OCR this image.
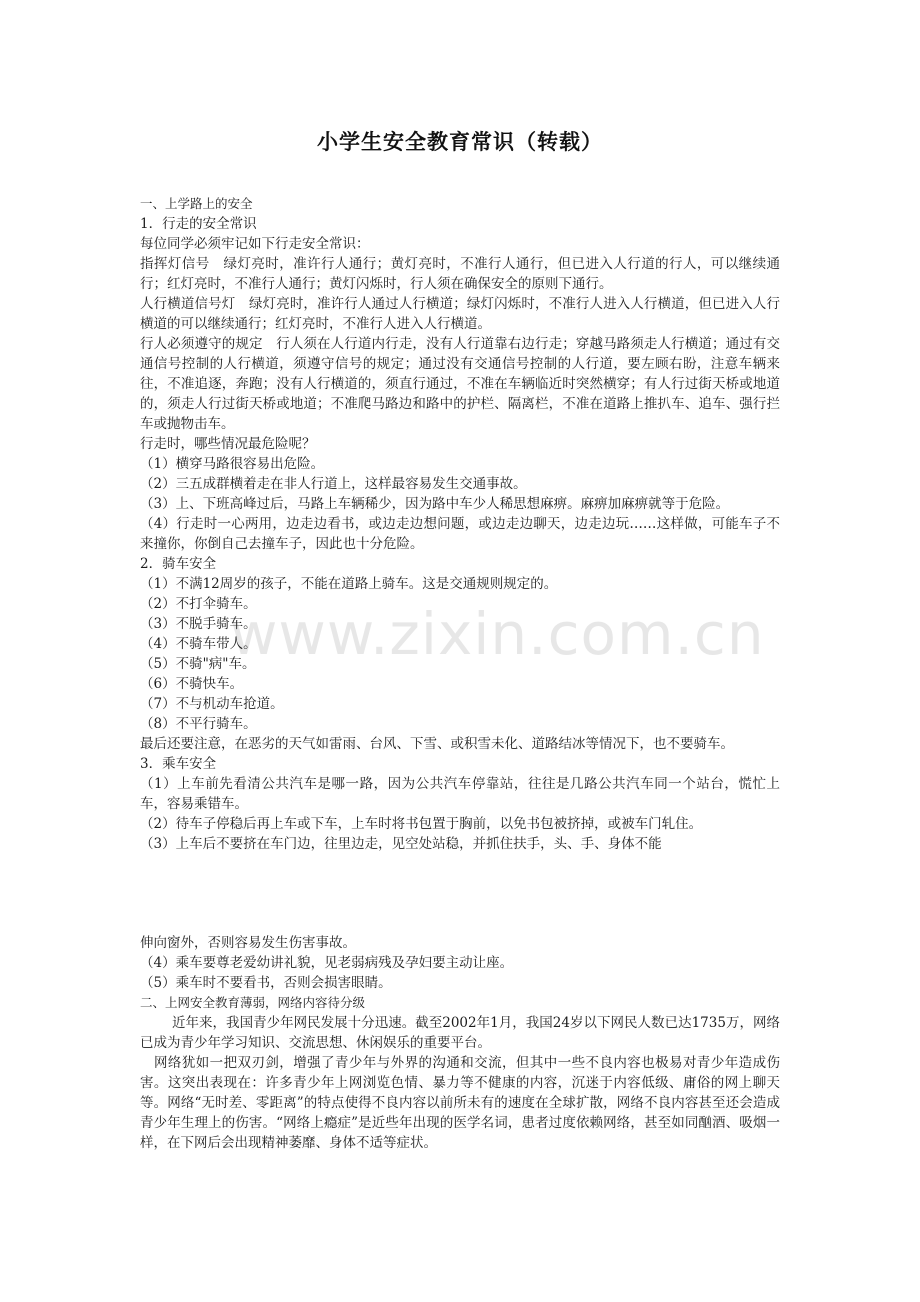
www.zixin.com.cn
小学生安全教育常识（转载）
一、上学路上的安全
1．行走的安全常识
每位同学必须牢记如下行走安全常识：
指挥灯信号　绿灯亮时，准许行人通行；黄灯亮时，不准行人通行，但已进入人行道的行人，可以继续通行；红灯亮时，不准行人通行；黄灯闪烁时，行人须在确保安全的原则下通行。
人行横道信号灯　绿灯亮时，准许行人通过人行横道；绿灯闪烁时，不准行人进入人行横道，但已进入人行横道的可以继续通行；红灯亮时，不准行人进入人行横道。
行人必须遵守的规定　行人须在人行道内行走，没有人行道靠右边行走；穿越马路须走人行横道；通过有交通信号控制的人行横道，须遵守信号的规定；通过没有交通信号控制的人行道，要左顾右盼，注意车辆来往，不准追逐，奔跑；没有人行横道的，须直行通过，不准在车辆临近时突然横穿；有人行过街天桥或地道的，须走人行过街天桥或地道；不准爬马路边和路中的护栏、隔离栏，不准在道路上推扒车、追车、强行拦车或抛物击车。
行走时，哪些情况最危险呢？
（1）横穿马路很容易出危险。
（2）三五成群横着走在非人行道上，这样最容易发生交通事故。
（3）上、下班高峰过后，马路上车辆稀少，因为路中车少人稀思想麻痹。麻痹加麻痹就等于危险。
（4）行走时一心两用，边走边看书，或边走边想问题，或边走边聊天，边走边玩……这样做，可能车子不来撞你，你倒自己去撞车子，因此也十分危险。
2．骑车安全
（1）不满12周岁的孩子，不能在道路上骑车。这是交通规则规定的。
（2）不打伞骑车。
（3）不脱手骑车。
（4）不骑车带人。
（5）不骑"病"车。
（6）不骑快车。
（7）不与机动车抢道。
（8）不平行骑车。
最后还要注意，在恶劣的天气如雷雨、台风、下雪、或积雪未化、道路结冰等情况下，也不要骑车。
3．乘车安全
（1）上车前先看清公共汽车是哪一路，因为公共汽车停靠站，往往是几路公共汽车同一个站台，慌忙上车，容易乘错车。
（2）待车子停稳后再上车或下车，上车时将书包置于胸前，以免书包被挤掉，或被车门轧住。
（3）上车后不要挤在车门边，往里边走，见空处站稳，并抓住扶手，头、手、身体不能
伸向窗外，否则容易发生伤害事故。
（4）乘车要尊老爱幼讲礼貌，见老弱病残及孕妇要主动让座。
（5）乘车时不要看书，否则会损害眼睛。
二、上网安全教育薄弱，网络内容待分级
近年来，我国青少年网民发展十分迅速。截至2002年1月，我国24岁以下网民人数已达1735万，网络已成为青少年学习知识、交流思想、休闲娱乐的重要平台。
网络犹如一把双刃剑，增强了青少年与外界的沟通和交流，但其中一些不良内容也极易对青少年造成伤害。这突出表现在：许多青少年上网浏览色情、暴力等不健康的内容，沉迷于内容低级、庸俗的网上聊天等。网络“无时差、零距离”的特点使得不良内容以前所未有的速度在全球扩散，网络不良内容甚至还会造成青少年生理上的伤害。“网络上瘾症”是近些年出现的医学名词，患者过度依赖网络，甚至如同酗酒、吸烟一样，在下网后会出现精神萎靡、身体不适等症状。
